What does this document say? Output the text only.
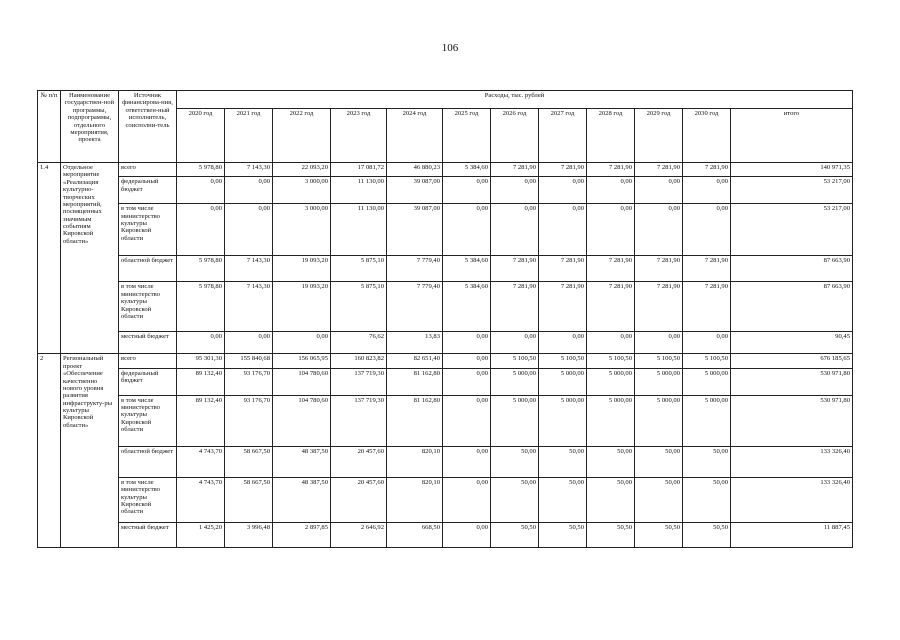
106
№ п/п	Наименование государствен-ной программы, подпрограммы, отдельного мероприятия, проекта	Источник финансирова-ния, ответствен-ный исполнитель, соисполни-тель	Расходы, тыс. рублей											
			2020 год	2021 год	2022 год	2023 год	2024 год	2025 год	2026 год	2027 год	2028 год	2029 год	2030 год	итого
1.4	Отдельное мероприятие «Реализация культурно-творческих мероприятий, посвященных значимым событиям Кировской области»	всего	5 978,80	7 143,30	22 093,20	17 081,72	46 880,23	5 384,60	7 281,90	7 281,90	7 281,90	7 281,90	7 281,90	140 971,35
		федеральный бюджет	0,00	0,00	3 000,00	11 130,00	39 087,00	0,00	0,00	0,00	0,00	0,00	0,00	53 217,00
		в том числе министерство культуры Кировской области	0,00	0,00	3 000,00	11 130,00	39 087,00	0,00	0,00	0,00	0,00	0,00	0,00	53 217,00
		областной бюджет	5 978,80	7 143,30	19 093,20	5 875,10	7 779,40	5 384,60	7 281,90	7 281,90	7 281,90	7 281,90	7 281,90	87 663,90
		в том числе министерство культуры Кировской области	5 978,80	7 143,30	19 093,20	5 875,10	7 779,40	5 384,60	7 281,90	7 281,90	7 281,90	7 281,90	7 281,90	87 663,90
		местный бюджет	0,00	0,00	0,00	76,62	13,83	0,00	0,00	0,00	0,00	0,00	0,00	90,45
2	Региональный проект «Обеспечение качественно нового уровня развития инфраструкту-ры культуры Кировской области»	всего	95 301,30	155 840,68	156 065,95	160 823,82	82 651,40	0,00	5 100,50	5 100,50	5 100,50	5 100,50	5 100,50	676 185,65
		федеральный бюджет	89 132,40	93 176,70	104 780,60	137 719,30	81 162,80	0,00	5 000,00	5 000,00	5 000,00	5 000,00	5 000,00	530 971,80
		в том числе министерство культуры Кировской области	89 132,40	93 176,70	104 780,60	137 719,30	81 162,80	0,00	5 000,00	5 000,00	5 000,00	5 000,00	5 000,00	530 971,80
		областной бюджет	4 743,70	58 667,50	48 387,50	20 457,60	820,10	0,00	50,00	50,00	50,00	50,00	50,00	133 326,40
		в том числе министерство культуры Кировской области	4 743,70	58 667,50	48 387,50	20 457,60	820,10	0,00	50,00	50,00	50,00	50,00	50,00	133 326,40
		местный бюджет	1 425,20	3 996,48	2 897,85	2 646,92	668,50	0,00	50,50	50,50	50,50	50,50	50,50	11 887,45
